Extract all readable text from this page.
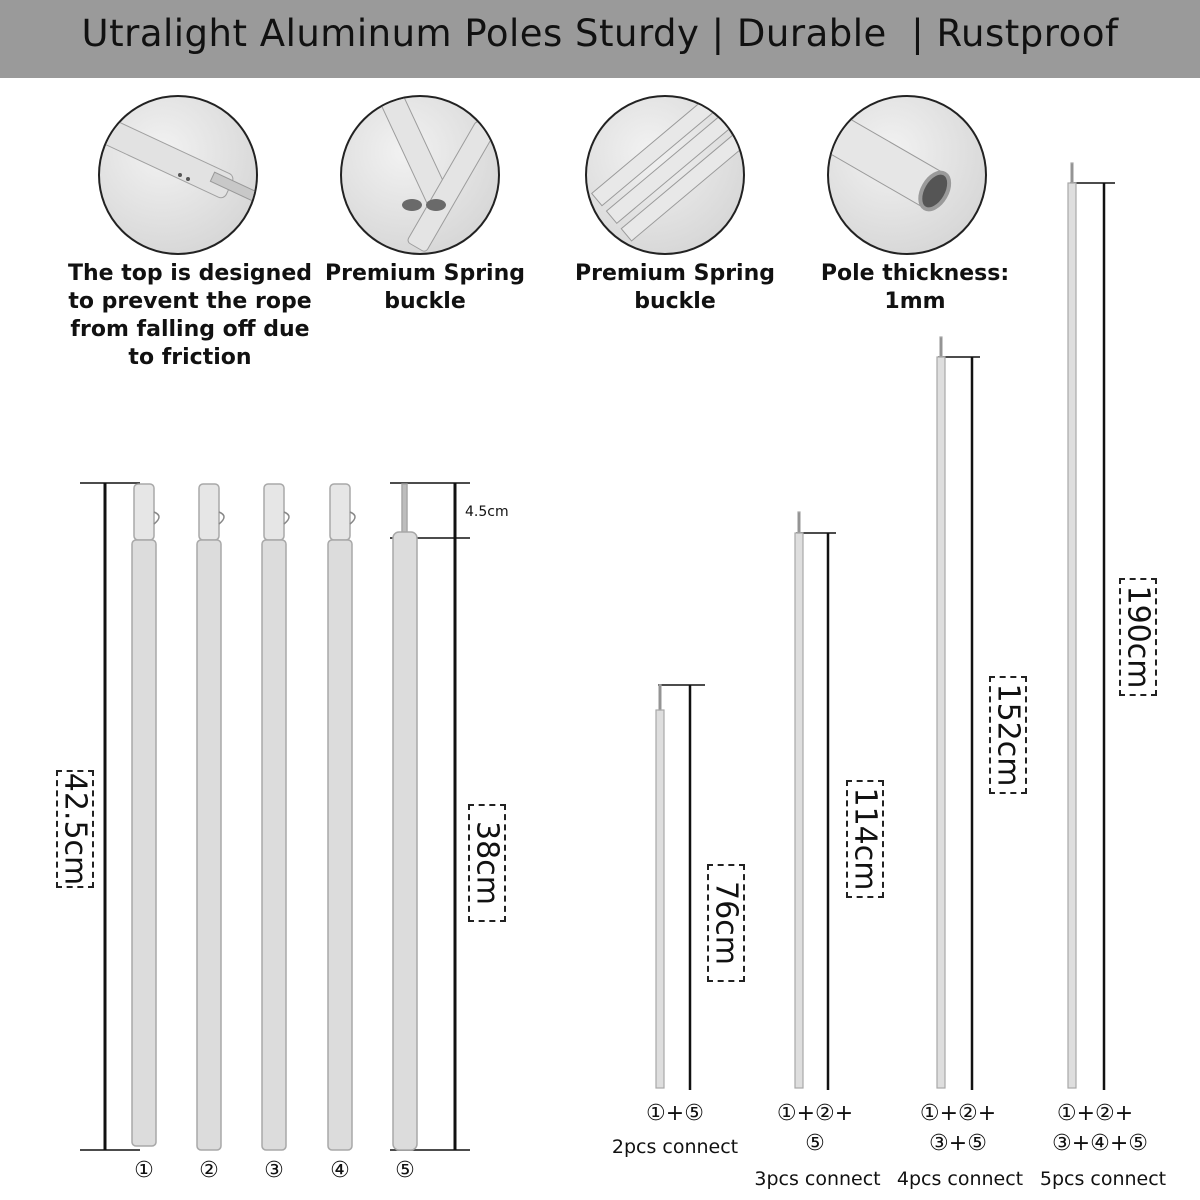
Utralight Aluminum Poles Sturdy | Durable  | Rustproof
The top is designed to prevent the rope from falling off due to friction
Premium Spring buckle
Premium Spring buckle
Pole thickness: 1mm
42.5cm	38cm
4.5cm
76cm
114cm
152cm
190cm
① ② ③ ④ ⑤
①+⑤
2pcs connect
①+②+
⑤
3pcs connect
①+②+
③+⑤
4pcs connect
①+②+
③+④+⑤
5pcs connect
